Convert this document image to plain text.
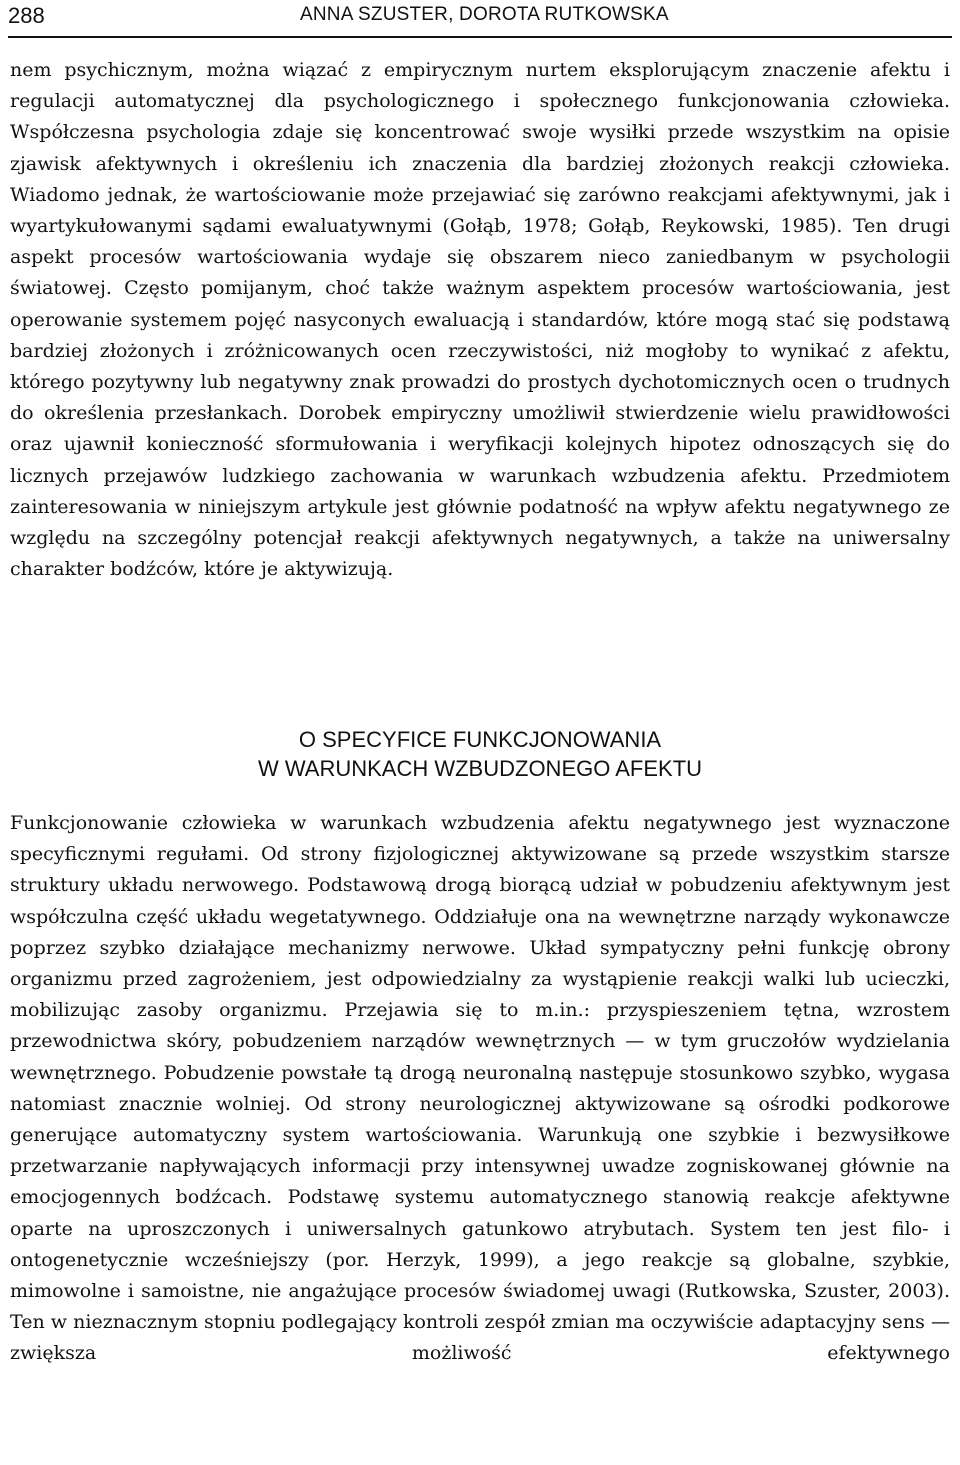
288	ANNA SZUSTER, DOROTA RUTKOWSKA

nem psychicznym, można wiązać z empirycznym nurtem eksplorującym znaczenie afektu i regulacji automatycznej dla psychologicznego i społecznego funkcjonowania człowieka. Współczesna psychologia zdaje się koncentrować swoje wysiłki przede wszystkim na opisie zjawisk afektywnych i określeniu ich znaczenia dla bardziej złożonych reakcji człowieka. Wiadomo jednak, że wartościowanie może przejawiać się zarówno reakcjami afektywnymi, jak i wyartykułowanymi sądami ewaluatywnymi (Gołąb, 1978; Gołąb, Reykowski, 1985). Ten drugi aspekt procesów wartościowania wydaje się obszarem nieco zaniedbanym w psychologii światowej. Często pomijanym, choć także ważnym aspektem procesów wartościowania, jest operowanie systemem pojęć nasyconych ewaluacją i standardów, które mogą stać się podstawą bardziej złożonych i zróżnicowanych ocen rzeczywistości, niż mogłoby to wynikać z afektu, którego pozytywny lub negatywny znak prowadzi do prostych dychotomicznych ocen o trudnych do określenia przesłankach. Dorobek empiryczny umożliwił stwierdzenie wielu prawidłowości oraz ujawnił konieczność sformułowania i weryfikacji kolejnych hipotez odnoszących się do licznych przejawów ludzkiego zachowania w warunkach wzbudzenia afektu. Przedmiotem zainteresowania w niniejszym artykule jest głównie podatność na wpływ afektu negatywnego ze względu na szczególny potencjał reakcji afektywnych negatywnych, a także na uniwersalny charakter bodźców, które je aktywizują.

O SPECYFICE FUNKCJONOWANIA
W WARUNKACH WZBUDZONEGO AFEKTU

Funkcjonowanie człowieka w warunkach wzbudzenia afektu negatywnego jest wyznaczone specyficznymi regułami. Od strony fizjologicznej aktywizowane są przede wszystkim starsze struktury układu nerwowego. Podstawową drogą biorącą udział w pobudzeniu afektywnym jest współczulna część układu wegetatywnego. Oddziałuje ona na wewnętrzne narządy wykonawcze poprzez szybko działające mechanizmy nerwowe. Układ sympatyczny pełni funkcję obrony organizmu przed zagrożeniem, jest odpowiedzialny za wystąpienie reakcji walki lub ucieczki, mobilizując zasoby organizmu. Przejawia się to m.in.: przyspieszeniem tętna, wzrostem przewodnictwa skóry, pobudzeniem narządów wewnętrznych — w tym gruczołów wydzielania wewnętrznego. Pobudzenie powstałe tą drogą neuronalną następuje stosunkowo szybko, wygasa natomiast znacznie wolniej. Od strony neurologicznej aktywizowane są ośrodki podkorowe generujące automatyczny system wartościowania. Warunkują one szybkie i bezwysiłkowe przetwarzanie napływających informacji przy intensywnej uwadze zogniskowanej głównie na emocjogennych bodźcach. Podstawę systemu automatycznego stanowią reakcje afektywne oparte na uproszczonych i uniwersalnych gatunkowo atrybutach. System ten jest filo- i ontogenetycznie wcześniejszy (por. Herzyk, 1999), a jego reakcje są globalne, szybkie, mimowolne i samoistne, nie angażujące procesów świadomej uwagi (Rutkowska, Szuster, 2003). Ten w nieznacznym stopniu podlegający kontroli zespół zmian ma oczywiście adaptacyjny sens — zwiększa możliwość efektywnego
